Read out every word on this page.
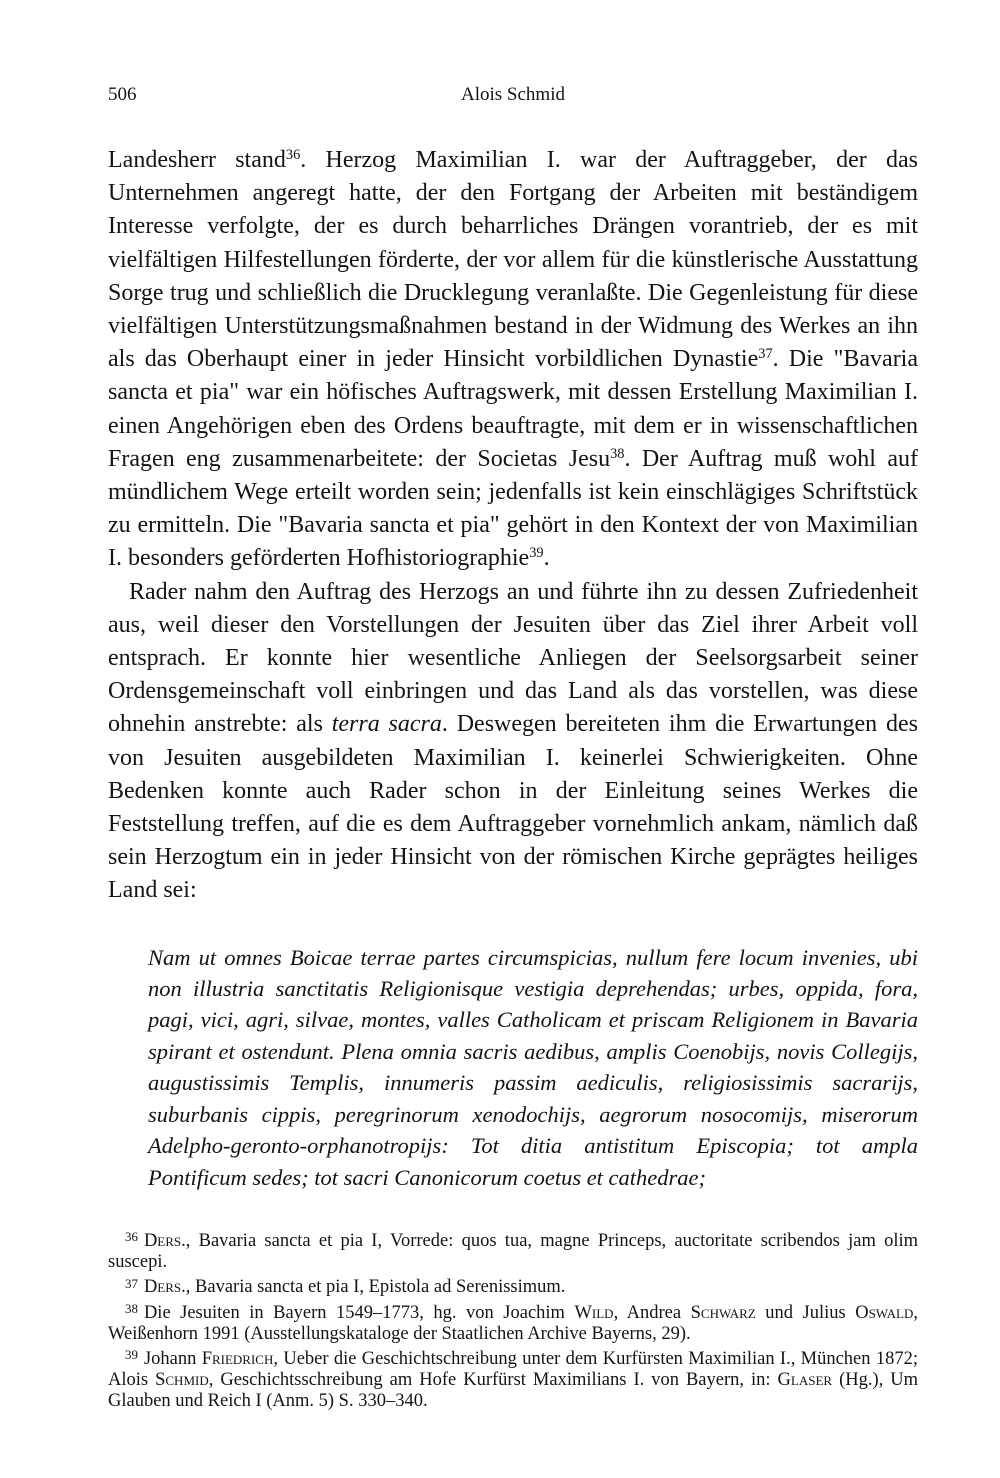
506	Alois Schmid

Landesherr stand$^{36}$. Herzog Maximilian I. war der Auftraggeber, der das Unternehmen angeregt hatte, der den Fortgang der Arbeiten mit beständigem Interesse verfolgte, der es durch beharrliches Drängen vorantrieb, der es mit vielfältigen Hilfestellungen förderte, der vor allem für die künstlerische Ausstattung Sorge trug und schließlich die Drucklegung veranlaßte. Die Gegenleistung für diese vielfältigen Unterstützungsmaßnahmen bestand in der Widmung des Werkes an ihn als das Oberhaupt einer in jeder Hinsicht vorbildlichen Dynastie$^{37}$. Die "Bavaria sancta et pia" war ein höfisches Auftragswerk, mit dessen Erstellung Maximilian I. einen Angehörigen eben des Ordens beauftragte, mit dem er in wissenschaftlichen Fragen eng zusammenarbeitete: der Societas Jesu$^{38}$. Der Auftrag muß wohl auf mündlichem Wege erteilt worden sein; jedenfalls ist kein einschlägiges Schriftstück zu ermitteln. Die "Bavaria sancta et pia" gehört in den Kontext der von Maximilian I. besonders geförderten Hofhistoriographie$^{39}$.

Rader nahm den Auftrag des Herzogs an und führte ihn zu dessen Zufriedenheit aus, weil dieser den Vorstellungen der Jesuiten über das Ziel ihrer Arbeit voll entsprach. Er konnte hier wesentliche Anliegen der Seelsorgsarbeit seiner Ordensgemeinschaft voll einbringen und das Land als das vorstellen, was diese ohnehin anstrebte: als terra sacra. Deswegen bereiteten ihm die Erwartungen des von Jesuiten ausgebildeten Maximilian I. keinerlei Schwierigkeiten. Ohne Bedenken konnte auch Rader schon in der Einleitung seines Werkes die Feststellung treffen, auf die es dem Auftraggeber vornehmlich ankam, nämlich daß sein Herzogtum ein in jeder Hinsicht von der römischen Kirche geprägtes heiliges Land sei:

Nam ut omnes Boicae terrae partes circumspicias, nullum fere locum invenies, ubi non illustria sanctitatis Religionisque vestigia deprehendas; urbes, oppida, fora, pagi, vici, agri, silvae, montes, valles Catholicam et priscam Religionem in Bavaria spirant et ostendunt. Plena omnia sacris aedibus, amplis Coenobijs, novis Collegijs, augustissimis Templis, innumeris passim aediculis, religiosissimis sacrarijs, suburbanis cippis, peregrinorum xenodochijs, aegrorum nosocomijs, miserorum Adelpho-geronto-orphanotropijs: Tot ditia antistitum Episcopia; tot ampla Pontificum sedes; tot sacri Canonicorum coetus et cathedrae;

$^{36}$ Ders., Bavaria sancta et pia I, Vorrede: quos tua, magne Princeps, auctoritate scribendos jam olim suscepi.

$^{37}$ Ders., Bavaria sancta et pia I, Epistola ad Serenissimum.

$^{38}$ Die Jesuiten in Bayern 1549–1773, hg. von Joachim Wild, Andrea Schwarz und Julius Oswald, Weißenhorn 1991 (Ausstellungskataloge der Staatlichen Archive Bayerns, 29).

$^{39}$ Johann Friedrich, Ueber die Geschichtschreibung unter dem Kurfürsten Maximilian I., München 1872; Alois Schmid, Geschichtsschreibung am Hofe Kurfürst Maximilians I. von Bayern, in: Glaser (Hg.), Um Glauben und Reich I (Anm. 5) S. 330–340.
